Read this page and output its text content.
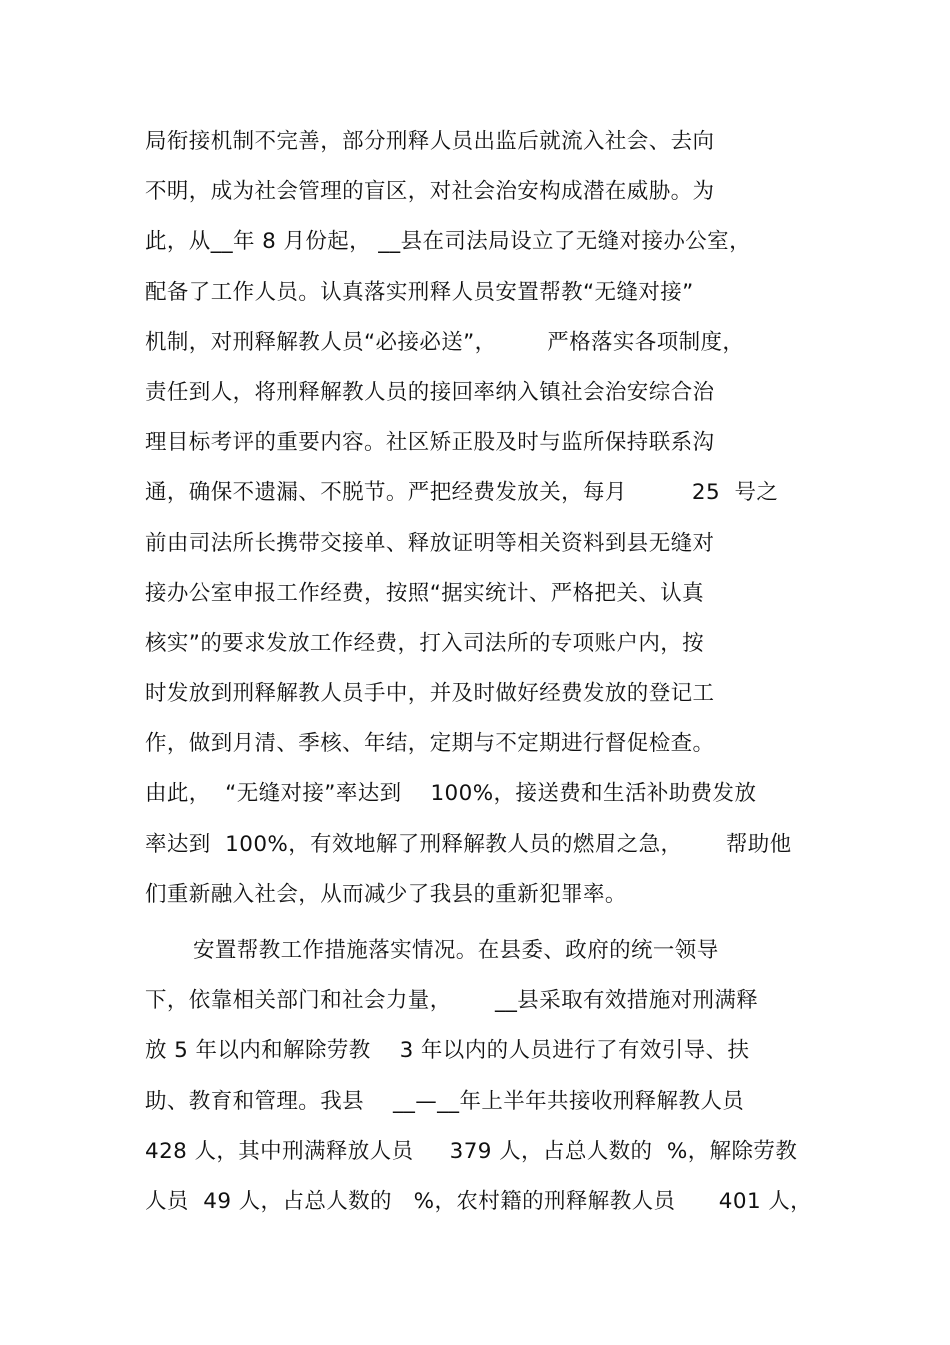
局衔接机制不完善，部分刑释人员出监后就流入社会、去向
不明，成为社会管理的盲区，对社会治安构成潜在威胁。为
此，从__年 8 月份起， __县在司法局设立了无缝对接办公室，
配备了工作人员。认真落实刑释人员安置帮教“无缝对接”
机制，对刑释解教人员“必接必送”，       严格落实各项制度，
责任到人，将刑释解教人员的接回率纳入镇社会治安综合治
理目标考评的重要内容。社区矫正股及时与监所保持联系沟
通，确保不遗漏、不脱节。严把经费发放关，每月         25  号之
前由司法所长携带交接单、释放证明等相关资料到县无缝对
接办公室申报工作经费，按照“据实统计、严格把关、认真
核实”的要求发放工作经费，打入司法所的专项账户内，按
时发放到刑释解教人员手中，并及时做好经费发放的登记工
作，做到月清、季核、年结，定期与不定期进行督促检查。
由此，  “无缝对接”率达到    100%，接送费和生活补助费发放
率达到  100%，有效地解了刑释解教人员的燃眉之急，      帮助他
们重新融入社会，从而减少了我县的重新犯罪率。
安置帮教工作措施落实情况。在县委、政府的统一领导
下，依靠相关部门和社会力量，      __县采取有效措施对刑满释
放 5 年以内和解除劳教    3 年以内的人员进行了有效引导、扶
助、教育和管理。我县    __—__年上半年共接收刑释解教人员
428 人，其中刑满释放人员     379 人，占总人数的  %，解除劳教
人员  49 人，占总人数的   %，农村籍的刑释解教人员      401 人，
